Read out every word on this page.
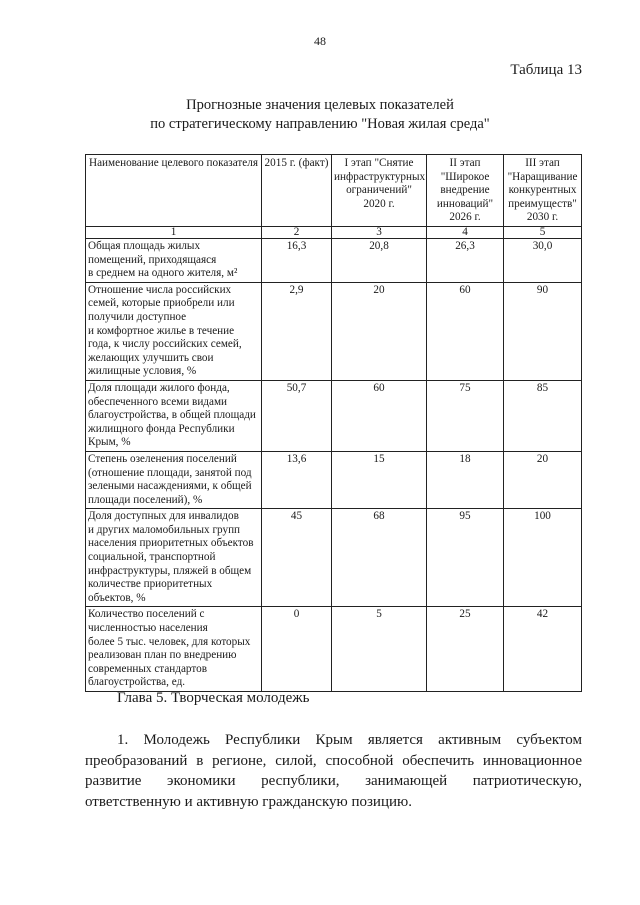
48
Таблица 13
Прогнозные значения целевых показателей
по стратегическому направлению "Новая жилая среда"
Наименование целевого показателя	2015 г. (факт)	I этап "Снятие инфраструктурных ограничений" 2020 г.	II этап "Широкое внедрение инноваций" 2026 г.	III этап "Наращивание конкурентных преимуществ" 2030 г.
1	2	3	4	5
Общая площадь жилых помещений, приходящаяся
в среднем на одного жителя, м²	16,3	20,8	26,3	30,0
Отношение числа российских семей, которые приобрели или получили доступное
и комфортное жилье в течение года, к числу российских семей, желающих улучшить свои жилищные условия, %	2,9	20	60	90
Доля площади жилого фонда, обеспеченного всеми видами благоустройства, в общей площади жилищного фонда Республики Крым, %	50,7	60	75	85
Степень озеленения поселений (отношение площади, занятой под зелеными насаждениями, к общей площади поселений), %	13,6	15	18	20
Доля доступных для инвалидов
и других маломобильных групп населения приоритетных объектов социальной, транспортной инфраструктуры, пляжей в общем количестве приоритетных объектов, %	45	68	95	100
Количество поселений с численностью населения
более 5 тыс. человек, для которых реализован план по внедрению современных стандартов благоустройства, ед.	0	5	25	42
Глава 5. Творческая молодежь
1. Молодежь Республики Крым является активным субъектом преобразований в регионе, силой, способной обеспечить инновационное развитие экономики республики, занимающей патриотическую, ответственную и активную гражданскую позицию.
